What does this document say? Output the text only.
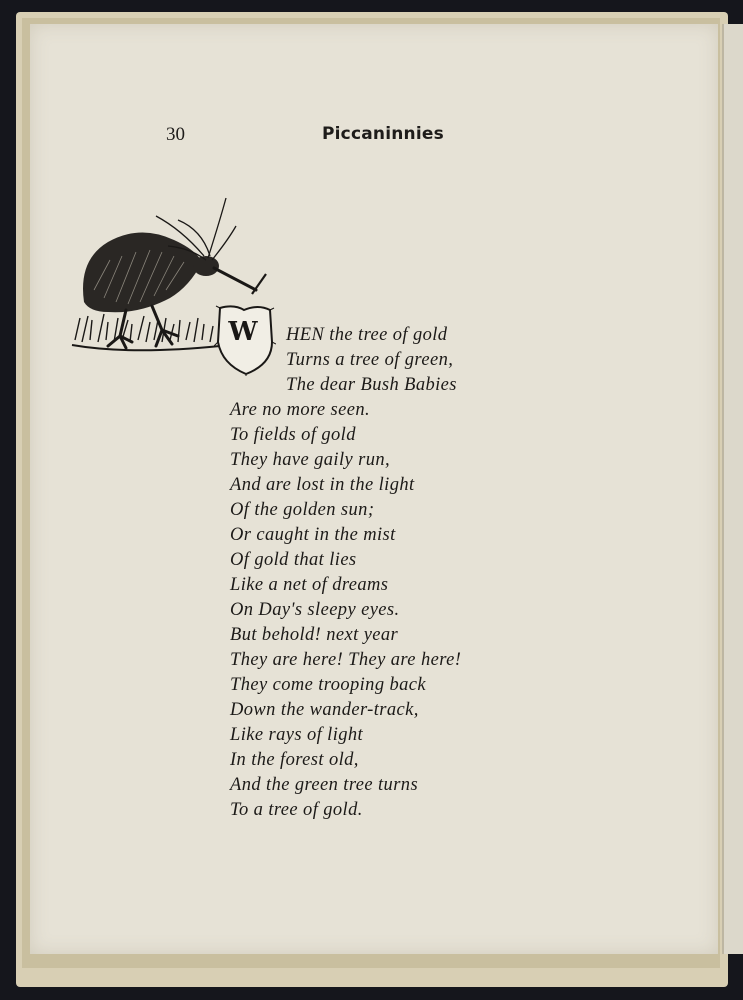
30	Piccaninnies
W	HEN the tree of gold
Turns a tree of green,
The dear Bush Babies
Are no more seen.
To fields of gold
They have gaily run,
And are lost in the light
Of the golden sun;
Or caught in the mist
Of gold that lies
Like a net of dreams
On Day's sleepy eyes.
But behold! next year
They are here! They are here!
They come trooping back
Down the wander-track,
Like rays of light
In the forest old,
And the green tree turns
To a tree of gold.
